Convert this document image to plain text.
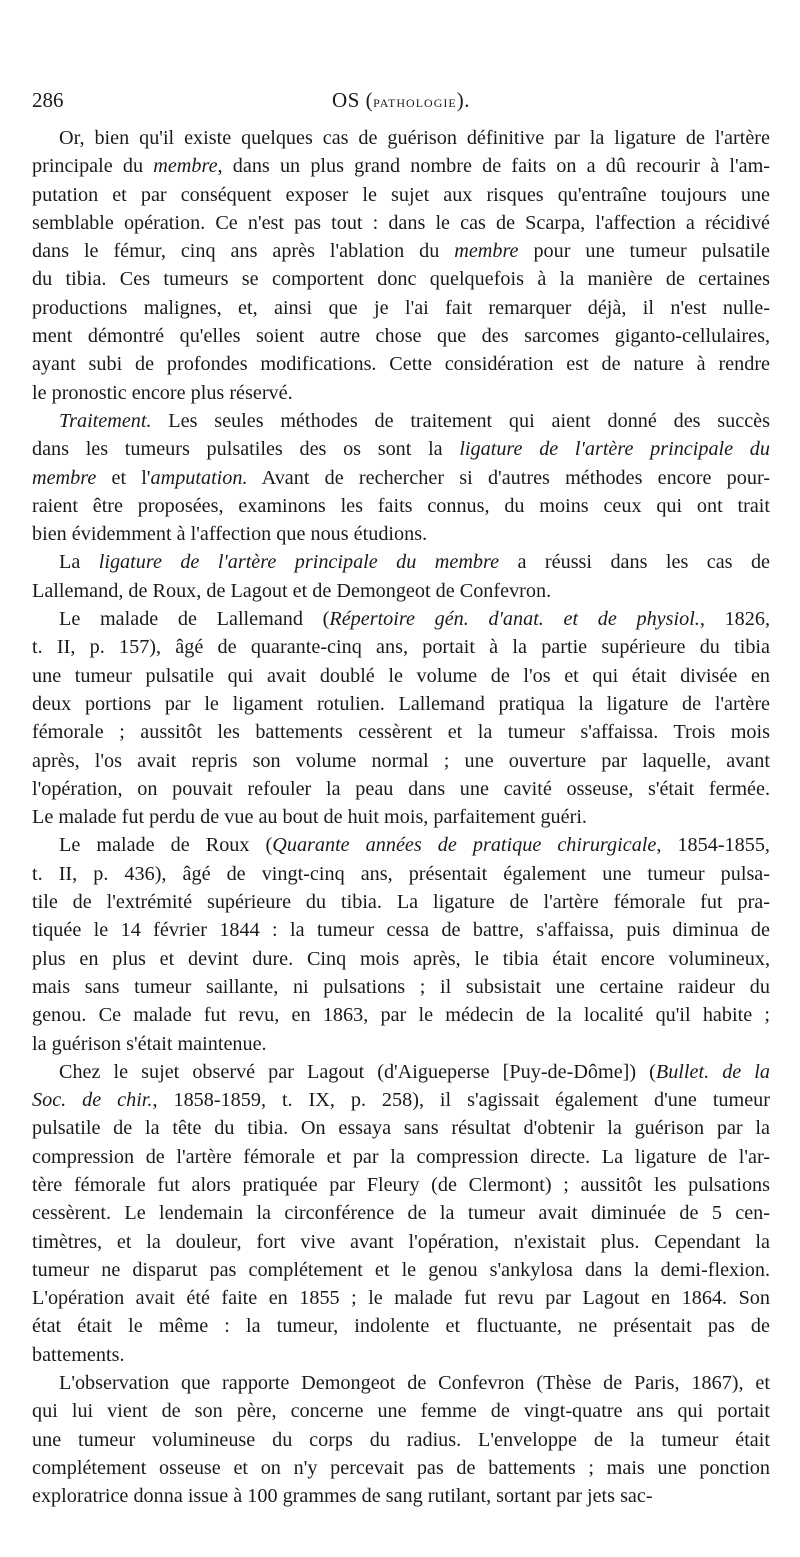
286	OS (pathologie).

Or, bien qu'il existe quelques cas de guérison définitive par la ligature de l'artère
principale du membre, dans un plus grand nombre de faits on a dû recourir à l'am-
putation et par conséquent exposer le sujet aux risques qu'entraîne toujours une
semblable opération. Ce n'est pas tout : dans le cas de Scarpa, l'affection a récidivé
dans le fémur, cinq ans après l'ablation du membre pour une tumeur pulsatile
du tibia. Ces tumeurs se comportent donc quelquefois à la manière de certaines
productions malignes, et, ainsi que je l'ai fait remarquer déjà, il n'est nulle-
ment démontré qu'elles soient autre chose que des sarcomes giganto-cellulaires,
ayant subi de profondes modifications. Cette considération est de nature à rendre
le pronostic encore plus réservé.

Traitement. Les seules méthodes de traitement qui aient donné des succès
dans les tumeurs pulsatiles des os sont la ligature de l'artère principale du
membre et l'amputation. Avant de rechercher si d'autres méthodes encore pour-
raient être proposées, examinons les faits connus, du moins ceux qui ont trait
bien évidemment à l'affection que nous étudions.

La ligature de l'artère principale du membre a réussi dans les cas de
Lallemand, de Roux, de Lagout et de Demongeot de Confevron.

Le malade de Lallemand (Répertoire gén. d'anat. et de physiol., 1826,
t. II, p. 157), âgé de quarante-cinq ans, portait à la partie supérieure du tibia
une tumeur pulsatile qui avait doublé le volume de l'os et qui était divisée en
deux portions par le ligament rotulien. Lallemand pratiqua la ligature de l'artère
fémorale ; aussitôt les battements cessèrent et la tumeur s'affaissa. Trois mois
après, l'os avait repris son volume normal ; une ouverture par laquelle, avant
l'opération, on pouvait refouler la peau dans une cavité osseuse, s'était fermée.
Le malade fut perdu de vue au bout de huit mois, parfaitement guéri.

Le malade de Roux (Quarante années de pratique chirurgicale, 1854-1855,
t. II, p. 436), âgé de vingt-cinq ans, présentait également une tumeur pulsa-
tile de l'extrémité supérieure du tibia. La ligature de l'artère fémorale fut pra-
tiquée le 14 février 1844 : la tumeur cessa de battre, s'affaissa, puis diminua de
plus en plus et devint dure. Cinq mois après, le tibia était encore volumineux,
mais sans tumeur saillante, ni pulsations ; il subsistait une certaine raideur du
genou. Ce malade fut revu, en 1863, par le médecin de la localité qu'il habite ;
la guérison s'était maintenue.

Chez le sujet observé par Lagout (d'Aigueperse [Puy-de-Dôme]) (Bullet. de la
Soc. de chir., 1858-1859, t. IX, p. 258), il s'agissait également d'une tumeur
pulsatile de la tête du tibia. On essaya sans résultat d'obtenir la guérison par la
compression de l'artère fémorale et par la compression directe. La ligature de l'ar-
tère fémorale fut alors pratiquée par Fleury (de Clermont) ; aussitôt les pulsations
cessèrent. Le lendemain la circonférence de la tumeur avait diminuée de 5 cen-
timètres, et la douleur, fort vive avant l'opération, n'existait plus. Cependant la
tumeur ne disparut pas complétement et le genou s'ankylosa dans la demi-flexion.
L'opération avait été faite en 1855 ; le malade fut revu par Lagout en 1864. Son
état était le même : la tumeur, indolente et fluctuante, ne présentait pas de
battements.

L'observation que rapporte Demongeot de Confevron (Thèse de Paris, 1867), et
qui lui vient de son père, concerne une femme de vingt-quatre ans qui portait
une tumeur volumineuse du corps du radius. L'enveloppe de la tumeur était
complétement osseuse et on n'y percevait pas de battements ; mais une ponction
exploratrice donna issue à 100 grammes de sang rutilant, sortant par jets sac-
